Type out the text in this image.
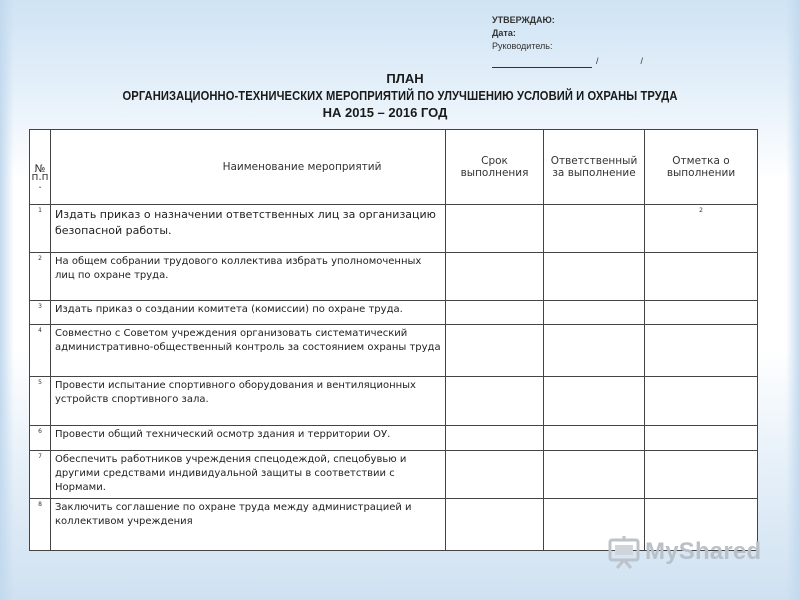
УТВЕРЖДАЮ:
Дата:
Руководитель:
/	/
ПЛАН
ОРГАНИЗАЦИОННО-ТЕХНИЧЕСКИХ МЕРОПРИЯТИЙ ПО УЛУЧШЕНИЮ УСЛОВИЙ И ОХРАНЫ ТРУДА
НА 2015 – 2016 ГОД
№ п.п .	Наименование мероприятий	Срок выполнения	Ответственный за выполнение	Отметка о выполнении
1	Издать приказ о назначении ответственных лиц за организацию безопасной работы.			2
2	На общем собрании трудового коллектива избрать уполномоченных лиц по охране труда.			
3	Издать приказ о создании комитета (комиссии) по охране труда.			
4	Совместно с Советом учреждения организовать систематический административно-общественный контроль за состоянием охраны труда			
5	Провести испытание спортивного оборудования и вентиляционных устройств спортивного зала.			
6	Провести общий технический осмотр здания и территории ОУ.			
7	Обеспечить работников учреждения спецодеждой, спецобувью и другими средствами индивидуальной защиты в соответствии с Нормами.			
8	Заключить соглашение по охране труда между администрацией и коллективом учреждения			
MyShared
